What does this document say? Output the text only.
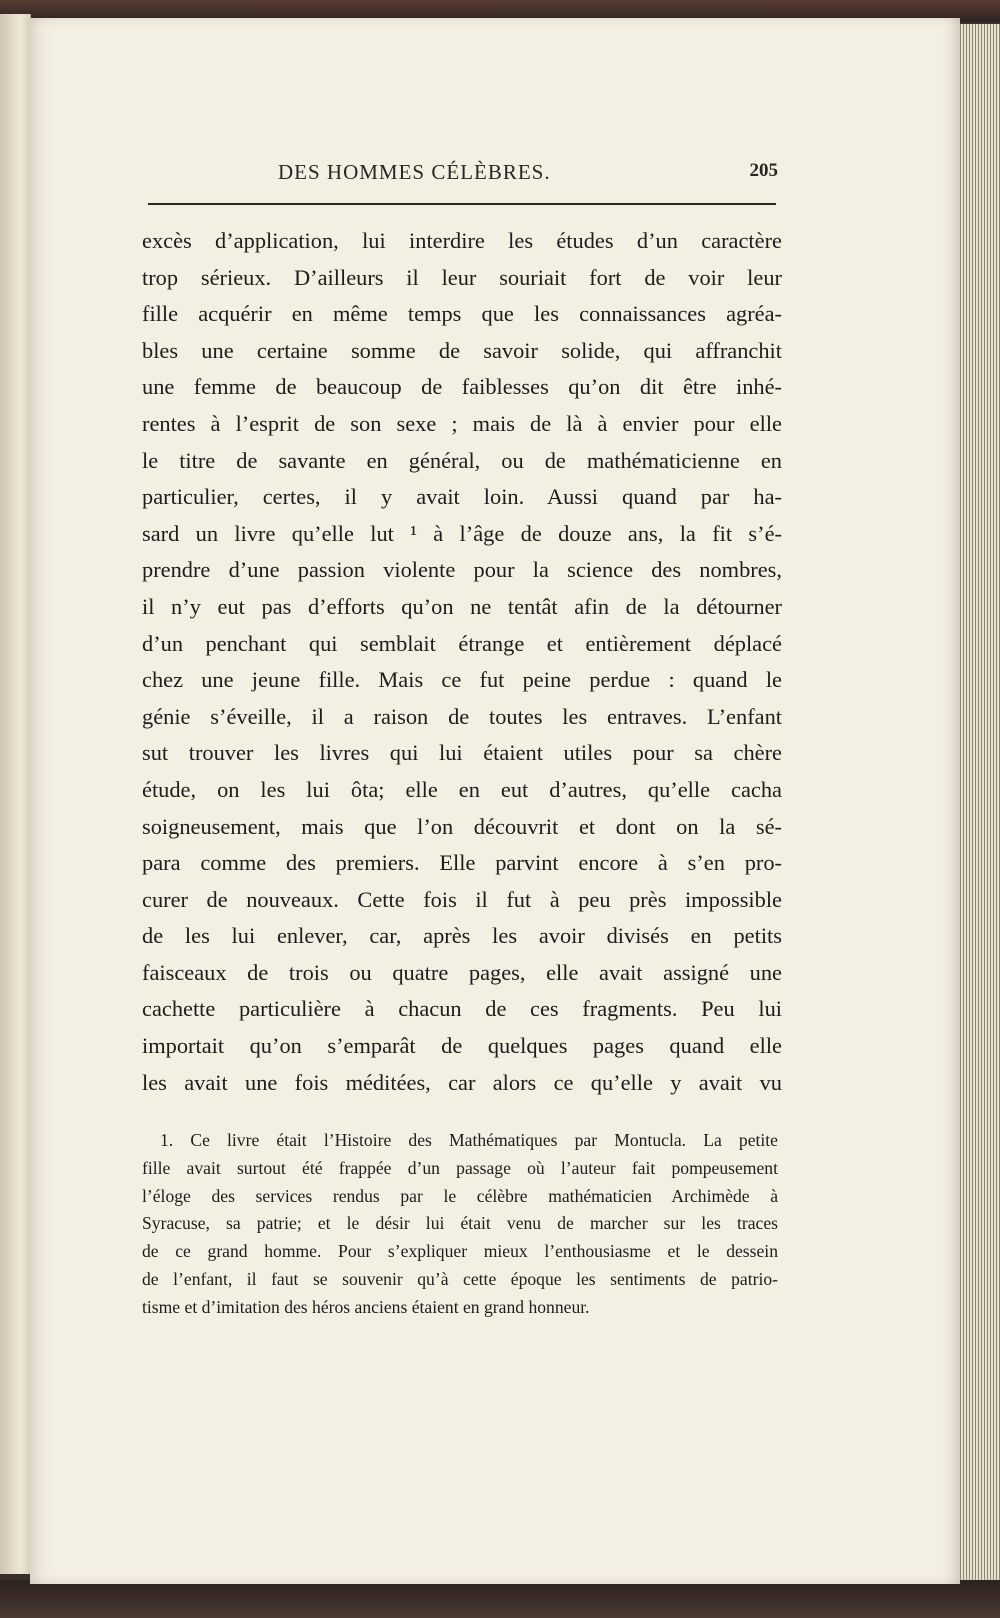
DES HOMMES CÉLÈBRES.	205
excès d’application, lui interdire les études d’un caractère
trop sérieux. D’ailleurs il leur souriait fort de voir leur
fille acquérir en même temps que les connaissances agréa-
bles une certaine somme de savoir solide, qui affranchit
une femme de beaucoup de faiblesses qu’on dit être inhé-
rentes à l’esprit de son sexe ; mais de là à envier pour elle
le titre de savante en général, ou de mathématicienne en
particulier, certes, il y avait loin. Aussi quand par ha-
sard un livre qu’elle lut ¹ à l’âge de douze ans, la fit s’é-
prendre d’une passion violente pour la science des nombres,
il n’y eut pas d’efforts qu’on ne tentât afin de la détourner
d’un penchant qui semblait étrange et entièrement déplacé
chez une jeune fille. Mais ce fut peine perdue : quand le
génie s’éveille, il a raison de toutes les entraves. L’enfant
sut trouver les livres qui lui étaient utiles pour sa chère
étude, on les lui ôta; elle en eut d’autres, qu’elle cacha
soigneusement, mais que l’on découvrit et dont on la sé-
para comme des premiers. Elle parvint encore à s’en pro-
curer de nouveaux. Cette fois il fut à peu près impossible
de les lui enlever, car, après les avoir divisés en petits
faisceaux de trois ou quatre pages, elle avait assigné une
cachette particulière à chacun de ces fragments. Peu lui
importait qu’on s’emparât de quelques pages quand elle
les avait une fois méditées, car alors ce qu’elle y avait vu
1. Ce livre était l’Histoire des Mathématiques par Montucla. La petite
fille avait surtout été frappée d’un passage où l’auteur fait pompeusement
l’éloge des services rendus par le célèbre mathématicien Archimède à
Syracuse, sa patrie; et le désir lui était venu de marcher sur les traces
de ce grand homme. Pour s’expliquer mieux l’enthousiasme et le dessein
de l’enfant, il faut se souvenir qu’à cette époque les sentiments de patrio-
tisme et d’imitation des héros anciens étaient en grand honneur.
